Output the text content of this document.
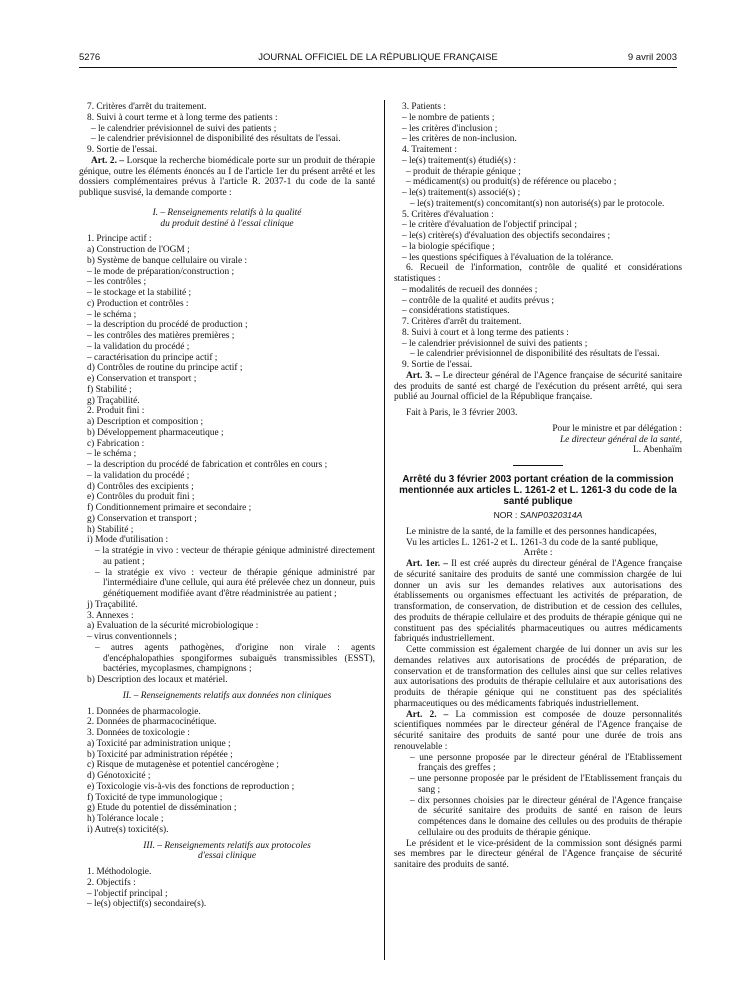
5276	JOURNAL OFFICIEL DE LA RÉPUBLIQUE FRANÇAISE	9 avril 2003
7. Critères d'arrêt du traitement.
8. Suivi à court terme et à long terme des patients :
– le calendrier prévisionnel de suivi des patients ;
– le calendrier prévisionnel de disponibilité des résultats de l'essai.
9. Sortie de l'essai.
Art. 2. – Lorsque la recherche biomédicale porte sur un produit de thérapie génique, outre les éléments énoncés au I de l'article 1er du présent arrêté et les dossiers complémentaires prévus à l'article R. 2037-1 du code de la santé publique susvisé, la demande comporte :
I. – Renseignements relatifs à la qualité
du produit destiné à l'essai clinique
1. Principe actif :
a) Construction de l'OGM ;
b) Système de banque cellulaire ou virale :
– le mode de préparation/construction ;
– les contrôles ;
– le stockage et la stabilité ;
c) Production et contrôles :
– le schéma ;
– la description du procédé de production ;
– les contrôles des matières premières ;
– la validation du procédé ;
– caractérisation du principe actif ;
d) Contrôles de routine du principe actif ;
e) Conservation et transport ;
f) Stabilité ;
g) Traçabilité.
2. Produit fini :
a) Description et composition ;
b) Développement pharmaceutique ;
c) Fabrication :
– le schéma ;
– la description du procédé de fabrication et contrôles en cours ;
– la validation du procédé ;
d) Contrôles des excipients ;
e) Contrôles du produit fini ;
f) Conditionnement primaire et secondaire ;
g) Conservation et transport ;
h) Stabilité ;
i) Mode d'utilisation :
– la stratégie in vivo : vecteur de thérapie génique administré directement au patient ;
– la stratégie ex vivo : vecteur de thérapie génique administré par l'intermédiaire d'une cellule, qui aura été prélevée chez un donneur, puis génétiquement modifiée avant d'être réadministrée au patient ;
j) Traçabilité.
3. Annexes :
a) Evaluation de la sécurité microbiologique :
– virus conventionnels ;
– autres agents pathogènes, d'origine non virale : agents d'encéphalopathies spongiformes subaiguës transmissibles (ESST), bactéries, mycoplasmes, champignons ;
b) Description des locaux et matériel.
II. – Renseignements relatifs aux données non cliniques
1. Données de pharmacologie.
2. Données de pharmacocinétique.
3. Données de toxicologie :
a) Toxicité par administration unique ;
b) Toxicité par administration répétée ;
c) Risque de mutagenèse et potentiel cancérogène ;
d) Génotoxicité ;
e) Toxicologie vis-à-vis des fonctions de reproduction ;
f) Toxicité de type immunologique ;
g) Etude du potentiel de dissémination ;
h) Tolérance locale ;
i) Autre(s) toxicité(s).
III. – Renseignements relatifs aux protocoles
d'essai clinique
1. Méthodologie.
2. Objectifs :
– l'objectif principal ;
– le(s) objectif(s) secondaire(s).
3. Patients :
– le nombre de patients ;
– les critères d'inclusion ;
– les critères de non-inclusion.
4. Traitement :
– le(s) traitement(s) étudié(s) :
– produit de thérapie génique ;
– médicament(s) ou produit(s) de référence ou placebo ;
– le(s) traitement(s) associé(s) ;
– le(s) traitement(s) concomitant(s) non autorisé(s) par le protocole.
5. Critères d'évaluation :
– le critère d'évaluation de l'objectif principal ;
– le(s) critère(s) d'évaluation des objectifs secondaires ;
– la biologie spécifique ;
– les questions spécifiques à l'évaluation de la tolérance.
6. Recueil de l'information, contrôle de qualité et considérations statistiques :
– modalités de recueil des données ;
– contrôle de la qualité et audits prévus ;
– considérations statistiques.
7. Critères d'arrêt du traitement.
8. Suivi à court et à long terme des patients :
– le calendrier prévisionnel de suivi des patients ;
– le calendrier prévisionnel de disponibilité des résultats de l'essai.
9. Sortie de l'essai.
Art. 3. – Le directeur général de l'Agence française de sécurité sanitaire des produits de santé est chargé de l'exécution du présent arrêté, qui sera publié au Journal officiel de la République française.
Fait à Paris, le 3 février 2003.
Pour le ministre et par délégation :
Le directeur général de la santé,
L. Abenhaïm
Arrêté du 3 février 2003 portant création de la commission mentionnée aux articles L. 1261-2 et L. 1261-3 du code de la santé publique
NOR : SANP0320314A
Le ministre de la santé, de la famille et des personnes handicapées,
Vu les articles L. 1261-2 et L. 1261-3 du code de la santé publique,
Arrête :
Art. 1er. – Il est créé auprès du directeur général de l'Agence française de sécurité sanitaire des produits de santé une commission chargée de lui donner un avis sur les demandes relatives aux autorisations des établissements ou organismes effectuant les activités de préparation, de transformation, de conservation, de distribution et de cession des cellules, des produits de thérapie cellulaire et des produits de thérapie génique qui ne constituent pas des spécialités pharmaceutiques ou autres médicaments fabriqués industriellement.
Cette commission est également chargée de lui donner un avis sur les demandes relatives aux autorisations de procédés de préparation, de conservation et de transformation des cellules ainsi que sur celles relatives aux autorisations des produits de thérapie cellulaire et aux autorisations des produits de thérapie génique qui ne constituent pas des spécialités pharmaceutiques ou des médicaments fabriqués industriellement.
Art. 2. – La commission est composée de douze personnalités scientifiques nommées par le directeur général de l'Agence française de sécurité sanitaire des produits de santé pour une durée de trois ans renouvelable :
– une personne proposée par le directeur général de l'Etablissement français des greffes ;
– une personne proposée par le président de l'Etablissement français du sang ;
– dix personnes choisies par le directeur général de l'Agence française de sécurité sanitaire des produits de santé en raison de leurs compétences dans le domaine des cellules ou des produits de thérapie cellulaire ou des produits de thérapie génique.
Le président et le vice-président de la commission sont désignés parmi ses membres par le directeur général de l'Agence française de sécurité sanitaire des produits de santé.
